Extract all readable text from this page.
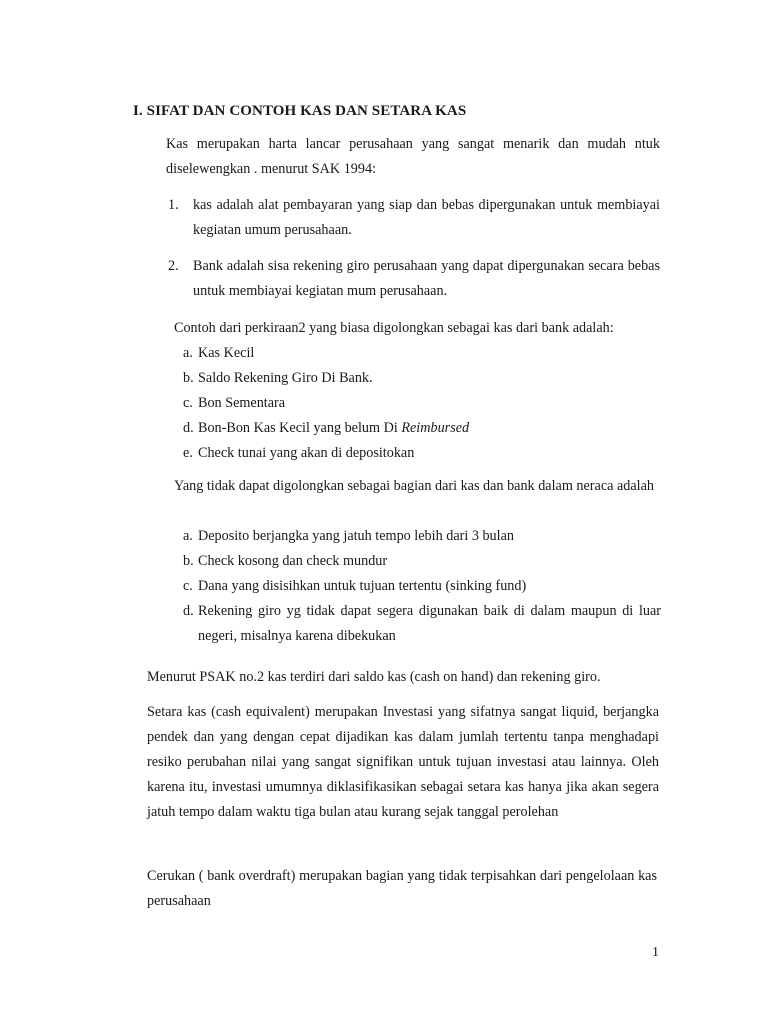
I. SIFAT DAN CONTOH KAS DAN SETARA KAS
Kas merupakan harta lancar perusahaan yang sangat menarik dan mudah ntuk diselewengkan . menurut SAK 1994:
1.	kas adalah alat pembayaran yang siap dan bebas dipergunakan untuk membiayai kegiatan umum perusahaan.
2.	Bank adalah sisa rekening giro perusahaan yang dapat dipergunakan secara bebas untuk membiayai kegiatan mum perusahaan.
Contoh dari perkiraan2 yang biasa digolongkan sebagai kas dari bank adalah:
a. Kas Kecil
b. Saldo Rekening Giro Di Bank.
c. Bon Sementara
d. Bon-Bon Kas Kecil yang belum Di Reimbursed
e. Check tunai yang akan di depositokan
Yang tidak dapat digolongkan sebagai bagian dari kas dan bank dalam neraca adalah
a. Deposito berjangka yang jatuh tempo lebih dari 3 bulan
b. Check kosong dan check mundur
c. Dana yang disisihkan untuk tujuan tertentu (sinking fund)
d. Rekening giro yg tidak dapat segera digunakan baik di dalam maupun di luar negeri, misalnya karena dibekukan
Menurut PSAK no.2 kas terdiri dari saldo kas (cash on hand) dan rekening giro.
Setara kas (cash equivalent) merupakan Investasi yang sifatnya sangat liquid, berjangka pendek dan yang dengan cepat dijadikan kas dalam jumlah tertentu tanpa menghadapi resiko perubahan nilai yang sangat signifikan untuk tujuan investasi atau lainnya. Oleh karena itu, investasi umumnya diklasifikasikan sebagai setara kas hanya jika akan segera jatuh tempo dalam waktu tiga bulan atau kurang sejak tanggal perolehan
Cerukan ( bank overdraft) merupakan bagian yang tidak terpisahkan dari pengelolaan kas perusahaan
1
